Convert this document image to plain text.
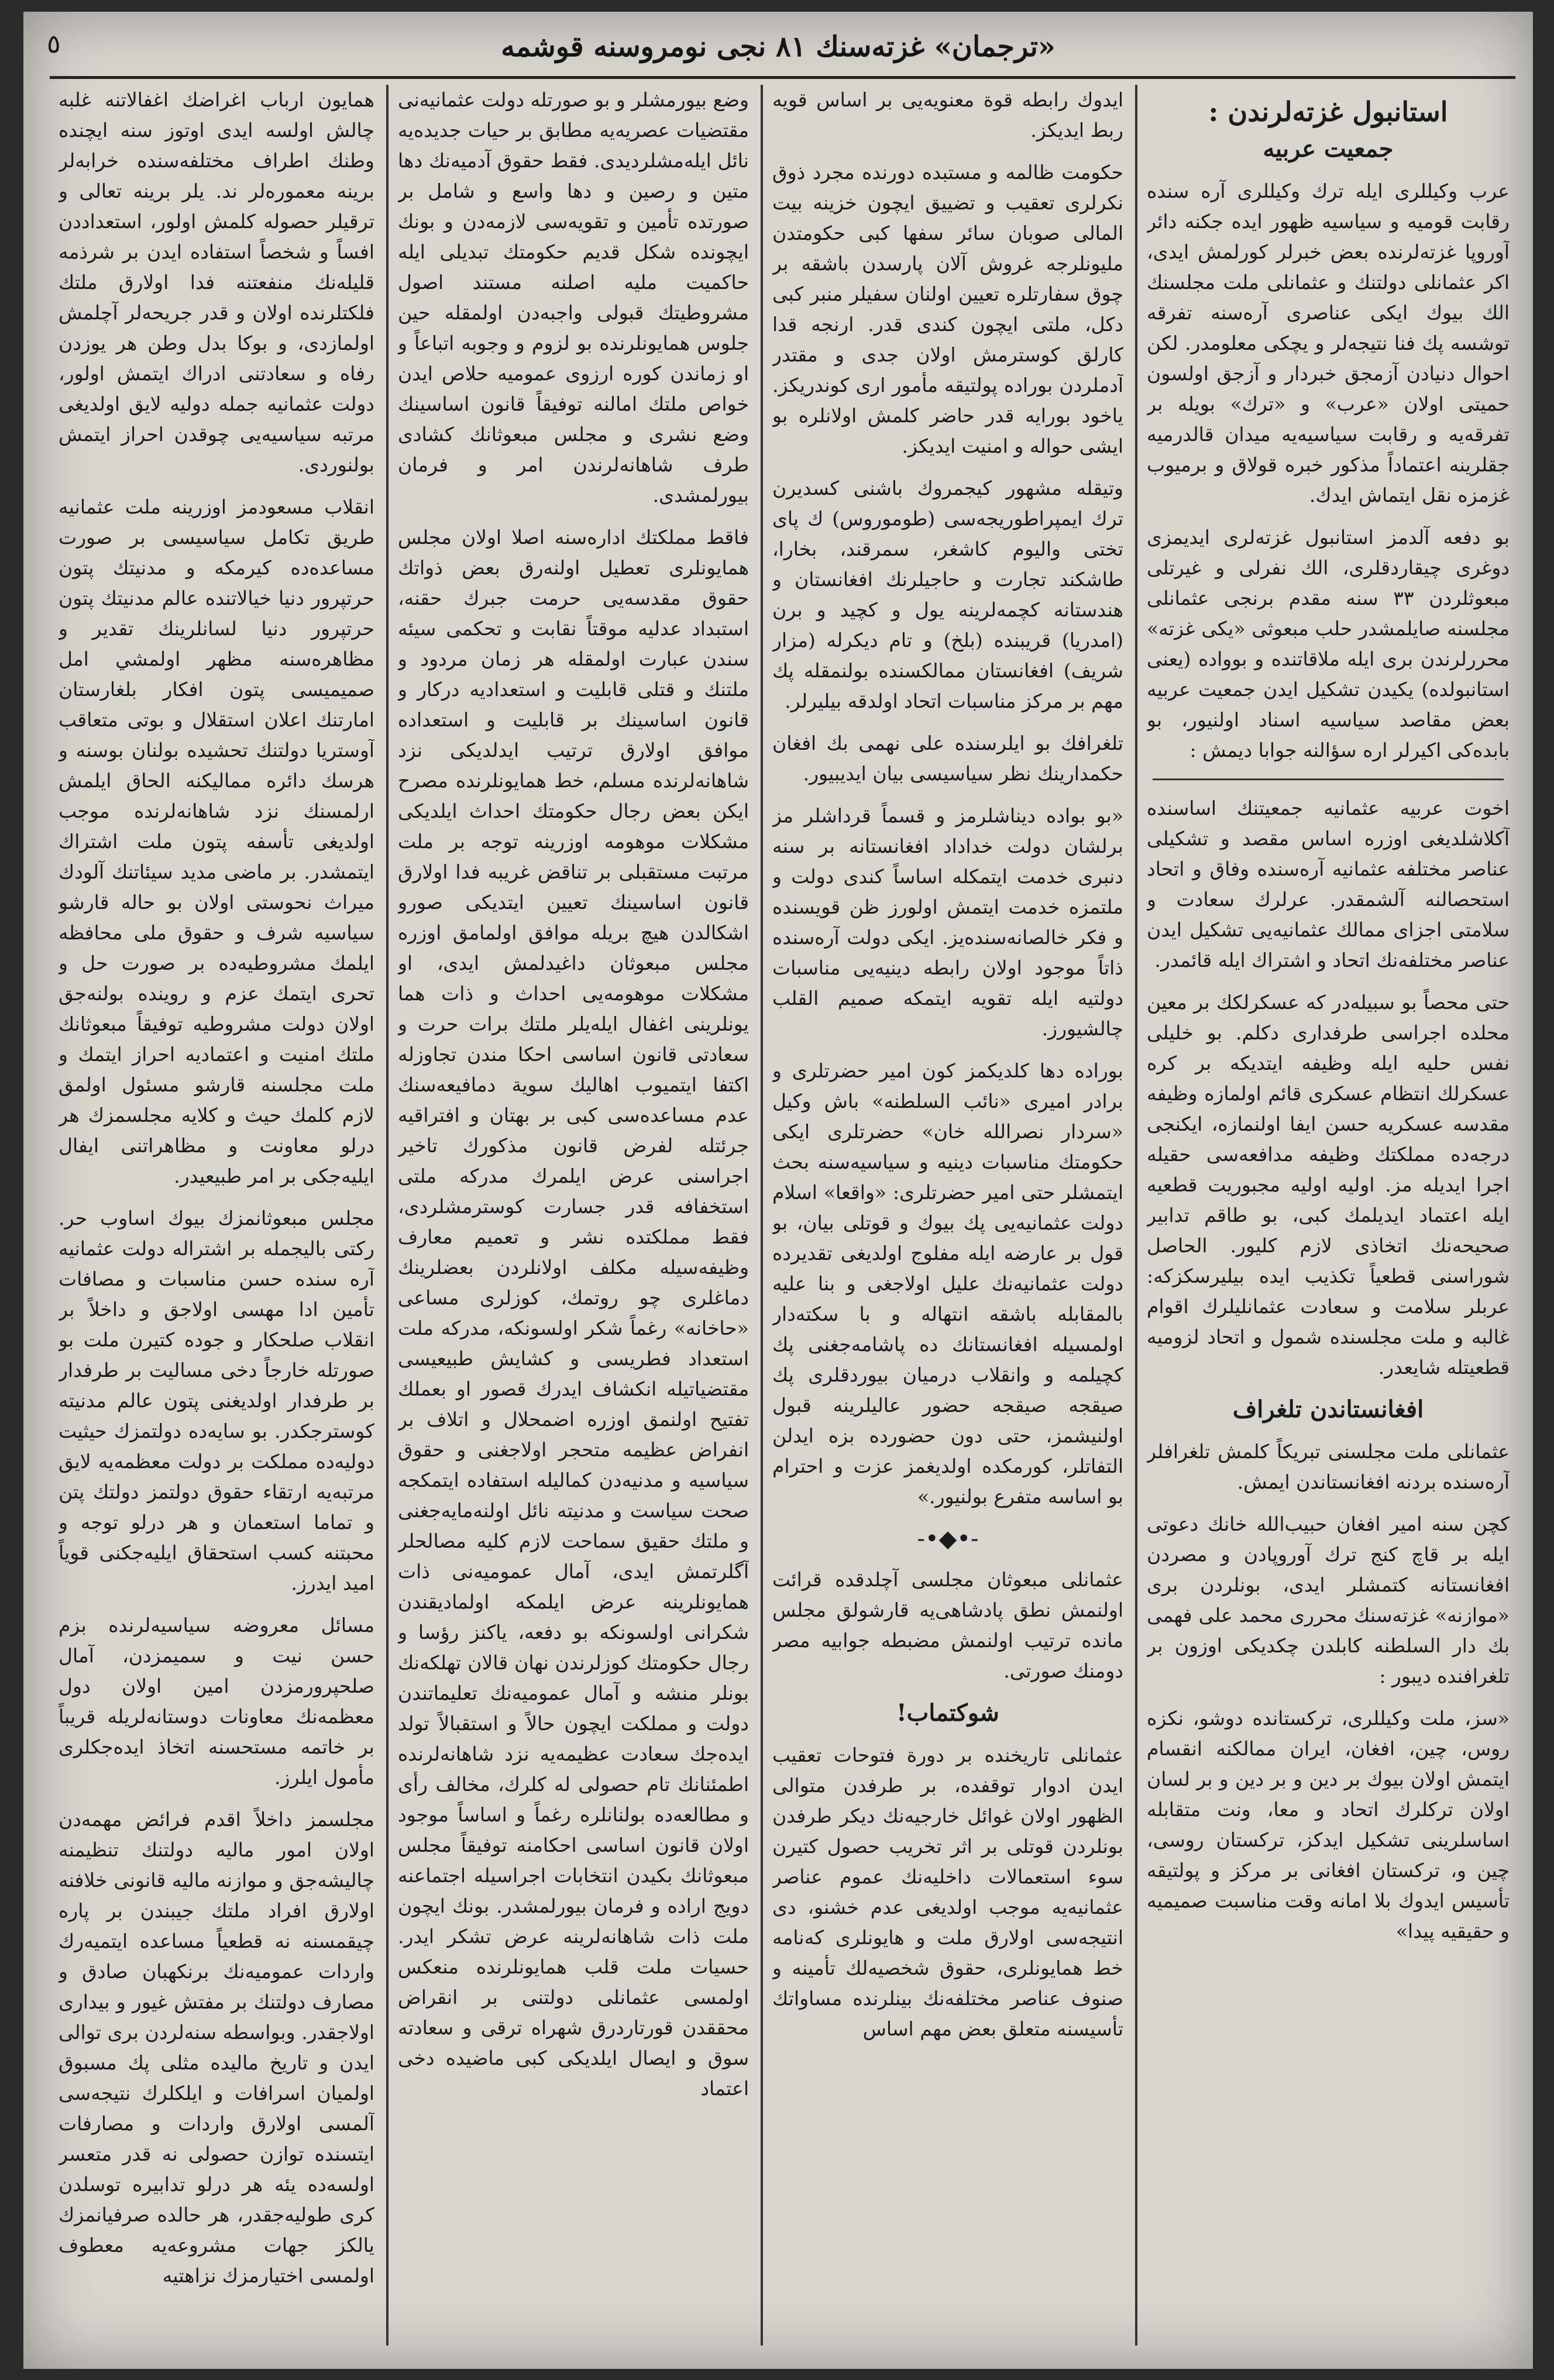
«ترجمان» غزته‌سنك ٨١ نجى نومروسنه قوشمه
٥
استانبول غزته‌لرندن :
جمعيت عربيه

عرب وكيللرى ايله ترك وكيللرى آره سنده رقابت قوميه و سياسيه ظهور ايده جكنه دائر آوروپا غزته‌لرنده بعض خبرلر كورلمش ايدى، اكر عثمانلى دولتنك و عثمانلى ملت مجلسنك الك بيوك ايكى عناصرى آره‌سنه تفرقه توشسه پك فنا نتيجه‌لر و يچكى معلومدر. لكن احوال دنيادن آزمجق خبردار و آز‌جق اولسون حميتى اولان «عرب» و «ترك» بويله بر تفرقه‌يه و رقابت سياسيه‌يه ميدان قالدرميه جقلرينه اعتماداً مذكور خبره قولاق و برميوب غزمزه نقل ايتماش ايدك.

بو دفعه آلدمز استانبول غزته‌لرى ايديمزى دوغرى چيقاردقلرى، الك نفرلى و غيرتلى مبعوثلردن ٣٣ سنه مقدم برنجى عثمانلى مجلسنه صايلمشدر حلب مبعوثى «يكى غزته» محررلرندن برى ايله ملاقاتنده و بوواده (يعنى استانبولده) يكيدن تشكيل ايدن جمعيت عربيه بعض مقاصد سياسيه اسناد اولنيور، بو بابده‌كى اكيرلر اره سؤالنه جوابا ديمش :

اخوت عربيه عثمانيه جمعيتنك اساسنده آكلاشلديغى اوزره اساس مقصد و تشكيلى عناصر مختلفه عثمانيه آره‌سنده وفاق و اتحاد استحصالنه آلشمقدر. عرلرك سعادت و سلامتى اجزاى ممالك عثمانيه‌يى تشكيل ايدن عناصر مختلفه‌نك اتحاد و اشتراك ايله قائمدر.

حتى محصاً بو سبيله‌در كه عسكرلكك بر معين محلده اجراسى طرفدارى دكلم. بو خليلى نفس حليه ايله وظيفه ايتديكه بر كره عسكرلك انتظام عسكرى قائم اولمازه وظيفه مقدسه عسكريه حسن ايفا اولنمازه، ايكنجى درجه‌ده مملكتك وظيفه مدافعه‌سى حقيله اجرا ايديله مز. اوليه اوليه مجبوريت قطعيه ايله اعتماد ايديلمك كبى، بو طاقم تدابير صحيحه‌نك اتخاذى لازم كليور. الحاصل شوراسنى قطعياً تكذيب ايده بيليرسكزكه: عربلر سلامت و سعادت عثمانليلرك اقوام غالبه و ملت مجلسنده شمول و اتحاد لزوميه قطعيتله شايعدر.

افغانستاندن تلغراف

عثمانلى ملت مجلسنى تبريكاً كلمش تلغرافلر آره‌سنده بردنه افغانستاندن ايمش.

كچن سنه امير افغان حبيب‌الله خانك دعوتى ايله بر قاچ كنج ترك آوروپادن و مصردن افغانستانه كتمشلر ايدى، بونلردن برى «موازنه» غزته‌سنك محررى محمد على فهمى بك دار السلطنه كابلدن چكديكى اوزون بر تلغرافنده ديبور :

«سز، ملت وكيللرى، تركستانده دوشو، نكزه روس، چين، افغان، ايران ممالكنه انقسام ايتمش اولان بيوك بر دين و بر دين و بر لسان اولان تركلرك اتحاد و معا، ونت متقابله اساسلرينى تشكيل ايدكز، تركستان روسى، چين و، تركستان افغانى بر مركز و پولتيقه تأسيس ايدوك بلا امانه وقت مناسبت صميميه و حقيقيه پيدا»

ايدوك رابطه قوة معنويه‌يى بر اساس قويه ربط ايديكز.

حكومت ظالمه و مستبده دورنده مجرد ذوق نكرلرى تعقيب و تضييق ايچون خزينه بيت المالى صوبان سائر سفها كبى حكومتدن مليونلرجه غروش آلان پارسدن باشقه بر چوق سفارتلره تعيين اولنان سفيلر منبر كبى دكل، ملتى ايچون كندى قدر. ارنجه قدا كارلق كوسترمش اولان جدى و مقتدر آدملردن بوراده پولتيقه مأمور ارى كوندريكز. ياخود بورايه قدر حاضر كلمش اولانلره بو ايشى حواله و امنيت ايديكز.

وتيقله مشهور كيجمروك باشنى كسديرن ترك ايمپراطوريجه‌سى (طومورو‌س) ك پاى تختى واليوم كاشغر، سمرقند، بخارا، طاشكند تجارت و حاجيلرنك افغانستان و هندستانه كچمه‌لرينه يول و كچيد و برن (امدريا) قريبنده (بلخ) و تام ديكرله (مزار شريف) افغانستان ممالكسنده بولنمقله پك مهم بر مركز مناسبات اتحاد اولدقه بيليرلر.

تلغرافك بو ايلرسنده على نهمى بك افغان حكمدارينك نظر سياسيسى بيان ايديبيور.

«بو بواده ديناشلرمز و قسماً قرداشلر مز برلشان دولت خداداد افغانستانه بر سنه دنبرى خدمت ايتمكله اساساً كندى دولت و ملتمزه خدمت ايتمش اولورز ظن قويسنده و فكر خالصانه‌سنده‌يز. ايكى دولت آره‌سنده ذاتاً موجود اولان رابطه دينيه‌يى مناسبات دولتيه ايله تقويه ايتمكه صميم القلب چالشيورز.

بوراده دها كلديكمز كون امير حضرتلرى و برادر اميرى «نائب السلطنه» باش وكيل «سردار نصرالله خان» حضرتلرى ايكى حكومتك مناسبات دينيه و سياسيه‌سنه بحث ايتمشلر حتى امير حضرتلرى: «واقعا» اسلام دولت عثمانيه‌يى پك بيوك و قوتلى بيان، بو قول بر عارضه ايله مفلوج اولديغى تقديرده دولت عثمانيه‌نك عليل اولاجغى و بنا عليه بالمقابله باشقه انتهاله و با سكته‌دار اولمسيله افغانستانك ده پاشامه‌جغنى پك كچيلمه و وانقلاب درميان بيوردقلرى پك صيقجه صيقجه حضور عاليلرينه قبول اولنيشمز، حتى دون حضورده بزه ايدلن التفاتلر، كورمكده اولديغمز عزت و احترام بو اساسه متفرع بولنيور.»

-•◆•-

عثمانلى مبعوثان مجلسى آچلدقده قرائت اولنمش نطق پادشاهى‌يه قارشولق مجلس مانده ترتيب اولنمش مضبطه جوابيه مصر دومنك صورتى.

شوكتماب!

عثمانلى تاريخنده بر دورة فتوحات تعقيب ايدن ادوار توقفده، بر طرفدن متوالى الظهور اولان غوائل خارجيه‌نك ديكر طرفدن بونلردن قوتلى بر اثر تخريب حصول كتيرن سوء استعمالات داخليه‌نك عموم عناصر عثمانيه‌يه موجب اولديغى عدم خشنو، دى انتيجه‌سى اولارق ملت و هايونلرى كه‌نامه خط همايونلرى، حقوق شخصيه‌لك تأمينه و صنوف عناصر مختلفه‌نك بينلرنده مساواتك تأسيسنه متعلق بعض مهم اساس

وضع بيورمشلر و بو صورتله دولت عثمانيه‌نى مقتضيات عصريه‌يه مطابق بر حيات جديده‌يه نائل ايله‌مشلرديدى. فقط حقوق آدميه‌نك دها متين و رصين و دها واسع و شامل بر صورتده تأمين و تقويه‌سى لازمه‌دن و بونك ايچونده شكل قديم حكومتك تبديلى ايله حاكميت مليه اصلنه مستند اصول مشروطيتك قبولى واجبه‌دن اولمقله حين جلوس همايونلرنده بو لزوم و وجوبه اتباعاً و او زماندن كوره ارزوى عموميه حلاص ايدن خواص ملتك امالنه توفيقاً قانون اساسينك وضع نشرى و مجلس مبعوثانك كشادى طرف شاهانه‌لرندن امر و فرمان بيورلمشدى.

فاقط مملكتك اداره‌سنه اصلا اولان مجلس همايونلرى تعطيل اولنه‌رق بعض ذواتك حقوق مقدسه‌يى حرمت جبرك حقنه، استبداد عدليه موقتاً نقابت و تحكمى سيئه سندن عبارت اولمقله هر زمان مردود و ملتنك و قتلى قابليت و استعداديه دركار و قانون اساسينك بر قابليت و استعداده موافق اولارق ترتيب ايدلديكى نزد شاهانه‌لرنده مسلم، خط همايونلرنده مصرح ايكن بعض رجال حكومتك احداث ايلديكى مشكلات موهومه اوزرينه توجه بر ملت مرتبت مستقبلى بر تناقض غريبه فدا اولارق قانون اساسينك تعيين ايتديكى صورو اشكالدن هيچ بريله موافق اولمامق اوزره مجلس مبعوثان داغيدلمش ايدى، او مشكلات موهومه‌يى احداث و ذات هما يونلرينى اغفال ايله‌يلر ملتك برات حرت و سعادتى قانون اساسى احكا مندن تجاوزله اكتفا ايتميوب اهاليك سوية دمافيعه‌سنك عدم مساعده‌سى كبى بر بهتان و افتراقيه جرئتله لفرض قانون مذكورك تاخير اجراسنى عرض ايلمرك مدركه ملتى استخفافه قدر جسارت كوسترمشلردى، فقط مملكتده نشر و تعميم معارف وظيفه‌سيله مكلف اولانلردن بعضلرينك دماغلرى چو روتمك، كوزلرى مساعى «حاخانه» رغماً شكر اولسونكه، مدركه ملت استعداد فطريسى و كشايش طبيعيسى مقتضياتيله انكشاف ايدرك قصور او بعملك تفتيح اولنمق اوزره اضمحلال و اتلاف بر انفراض عظيمه متحجر اولاجغنى و حقوق سياسيه و مدنيه‌دن كماليله استفاده ايتمكجه صحت سياست و مدنيته نائل اولنه‌مايه‌جغنى و ملتك حقيق سماحت لازم كليه مصالحلر آگلرتمش ايدى، آمال عموميه‌نى ذات همايونلرينه عرض ايلمكه اولماديقندن شكرانى اولسونكه بو دفعه، ياكنز رؤسا و رجال حكومتك كوزلرندن نهان قالان تهلكه‌نك بونلر منشه و آمال عموميه‌نك تعليماتندن دولت و مملكت ايچون حالاً و استقبالاً تولد ايده‌جك سعادت عظيمه‌يه نزد شاهانه‌لرنده اطمئنانك تام حصولى له كلرك، مخالف رأى و مطالعه‌ده بولنانلره رغماً و اساساً موجود اولان قانون اساسى احكامنه توفيقاً مجلس مبعوثانك بكيدن انتخابات اجراسيله اجتماعنه دويج اراده و فرمان بيورلمشدر. بونك ايچون ملت ذات شاهانه‌لرينه عرض تشكر ايدر. حسيات ملت قلب همايونلرنده منعكس اولمسى عثمانلى دولتنى بر انقراض محققدن قورتاردرق شهراه ترقى و سعادته سوق و ايصال ايلديكى كبى ماضيده دخى اعتماد

همايون ارباب اغراضك اغفالاتنه غلبه چالش اولسه ايدى اوتوز سنه ايچنده وطنك اطراف مختلفه‌سنده خرابه‌لر برينه معموره‌لر ند. يلر برينه تعالى و ترقيلر حصوله كلمش اولور، استعداددن افساً و شخصاً استفاده ايدن بر شرذمه قليله‌نك منفعتنه فدا اولارق ملتك فلكتلرنده اولان و قدر جريحه‌لر آچلمش اولمازدى، و بوكا بدل وطن هر يوزدن رفاه و سعادتنى ادراك ايتمش اولور، دولت عثمانيه جمله دوليه لايق اولديغى مرتبه سياسيه‌يى چوقدن احراز ايتمش بولنوردى.

انقلاب مسعودمز اوزرينه ملت عثمانيه طريق تكامل سياسيسى بر صورت مساعده‌ده كيرمكه و مدنيتك پتون حرتپرور دنيا خيالاتنده عالم مدنيتك پتون حرتپرور دنيا لسانلرينك تقدير و مظاهره‌سنه مظهر اولمشي امل صميميسى پتون افكار بلغارستان امارتنك اعلان استقلال و بوتى متعاقب آوستريا دولتنك تحشيده بولنان بوسنه و هرسك دائره مماليكنه الحاق ايلمش ارلمسنك نزد شاهانه‌لرنده موجب اولديغى تأسفه پتون ملت اشتراك ايتمشدر. بر ماضى مديد سيئاتنك آلودك ميراث نحوستى اولان بو حاله قارشو سياسيه شرف و حقوق ملى محافظه ايلمك مشروطيه‌ده بر صورت حل و تحرى ايتمك عزم و روينده بولنه‌جق اولان دولت مشروطيه توفيقاً مبعوثانك ملتك امنيت و اعتماديه احراز ايتمك و ملت مجلسنه قارشو مسئول اولمق لازم كلمك حيث و كلايه مجلسمزك هر درلو معاونت و مظاهراتنى ايفال ايليه‌جكى بر امر طبيعيدر.

مجلس مبعوثانمزك بيوك اساوب حر. ركتى باليجمله بر اشتراله دولت عثمانيه آره سنده حسن مناسبات و مصافات تأمين ادا مهسى اولاجق و داخلاً بر انقلاب صلحكار و جوده كتيرن ملت بو صورتله خارجاً دخى مساليت بر طرفدار بر طرفدار اولديغنى پتون عالم مدنيته كوسترجكدر. بو سايه‌ده دولتمزك حيثيت دوليه‌ده مملكت بر دولت معظمه‌يه لايق مرتبه‌يه ارتقاء حقوق دولتمز دولتك پتن و تماما استعمان و هر درلو توجه و محبتنه كسب استحقاق ايليه‌جكنى قوياً اميد ايدرز.

مسائل معروضه سياسيه‌لرنده بزم حسن نيت و سميمزدن، آمال صلحپرورمزدن امين اولان دول معظمه‌نك معاونات دوستانه‌لريله قريباً بر خاتمه مستحسنه اتخاذ ايده‌جكلرى مأمول ايلرز.

مجلسمز داخلاً اقدم فرائض مهمه‌دن اولان امور ماليه دولتنك تنظيمنه چاليشه‌جق و موازنه ماليه قانونى خلافنه اولارق افراد ملتك جيبندن بر پاره چيقمسنه نه قطعياً مساعده ايتميه‌رك واردات عموميه‌نك برنكهبان صادق و مصارف دولتنك بر مفتش غيور و بيدارى اولاجقدر. وبواسطه سنه‌لردن برى توالى ايدن و تاريخ ماليده مثلى پك مسبوق اولميان اسرافات و ايلكلرك نتيجه‌سى آلمسى اولارق واردات و مصارفات ايتسنده توازن حصولى نه قدر متعسر اولسه‌ده يئه هر درلو تدابيره توسلدن كرى طوليه‌جقدر، هر حالده صرفيانمزك يالكز جهات مشروعه‌يه معطوف اولمسى اختيارمزك نزاهتيه
